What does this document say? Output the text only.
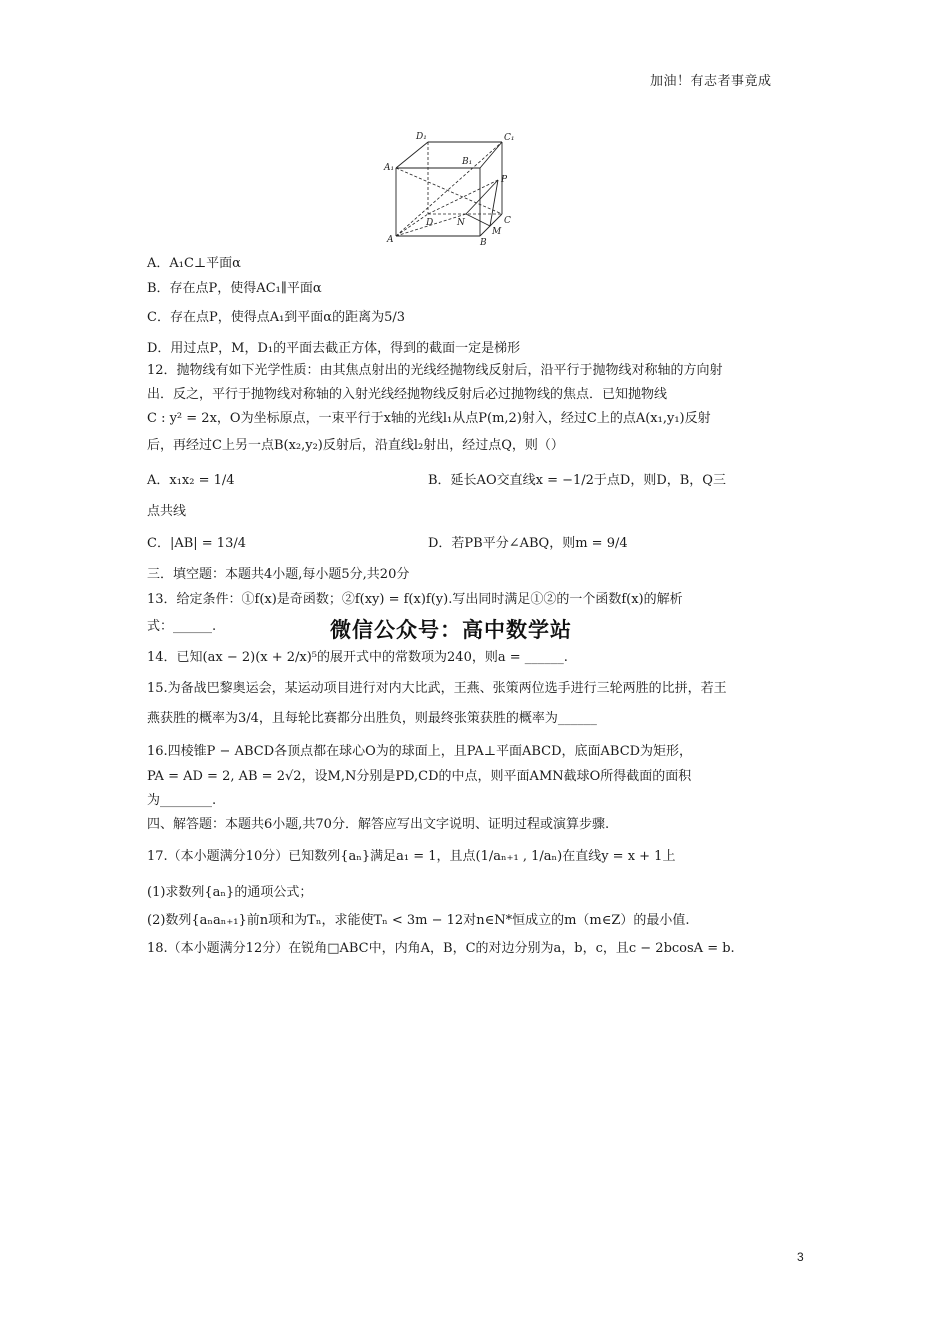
加油！有志者事竟成
D₁	C₁
A₁
B₁
P
C
M
B
N
D
A
A．A₁C⊥平面α
B．存在点P，使得AC₁∥平面α
C．存在点P，使得点A₁到平面α的距离为5/3
D．用过点P，M，D₁的平面去截正方体，得到的截面一定是梯形
12．抛物线有如下光学性质：由其焦点射出的光线经抛物线反射后，沿平行于抛物线对称轴的方向射
出．反之，平行于抛物线对称轴的入射光线经抛物线反射后必过抛物线的焦点．已知抛物线
C : y² = 2x，O为坐标原点，一束平行于x轴的光线l₁从点P(m,2)射入，经过C上的点A(x₁,y₁)反射
后，再经过C上另一点B(x₂,y₂)反射后，沿直线l₂射出，经过点Q，则（）
A．x₁x₂ = 1/4	B．延长AO交直线x = −1/2于点D，则D，B，Q三
点共线
C．|AB| = 13/4	D．若PB平分∠ABQ，则m = 9/4
三．填空题：本题共4小题,每小题5分,共20分
13．给定条件：①f(x)是奇函数；②f(xy) = f(x)f(y).写出同时满足①②的一个函数f(x)的解析
式：______.	微信公众号：高中数学站
14．已知(ax − 2)(x + 2/x)⁵的展开式中的常数项为240，则a = ______.
15.为备战巴黎奥运会，某运动项目进行对内大比武，王燕、张策两位选手进行三轮两胜的比拼，若王
燕获胜的概率为3/4，且每轮比赛都分出胜负，则最终张策获胜的概率为______
16.四棱锥P − ABCD各顶点都在球心O为的球面上，且PA⊥平面ABCD，底面ABCD为矩形，
PA = AD = 2, AB = 2√2，设M,N分别是PD,CD的中点，则平面AMN截球O所得截面的面积
为________.
四、解答题：本题共6小题,共70分．解答应写出文字说明、证明过程或演算步骤.
17.（本小题满分10分）已知数列{aₙ}满足a₁ = 1，且点(1/aₙ₊₁ , 1/aₙ)在直线y = x + 1上
(1)求数列{aₙ}的通项公式；
(2)数列{aₙaₙ₊₁}前n项和为Tₙ，求能使Tₙ < 3m − 12对n∈N*恒成立的m（m∈Z）的最小值.
18.（本小题满分12分）在锐角□ABC中，内角A，B，C的对边分别为a，b，c，且c − 2bcosA = b.
3
